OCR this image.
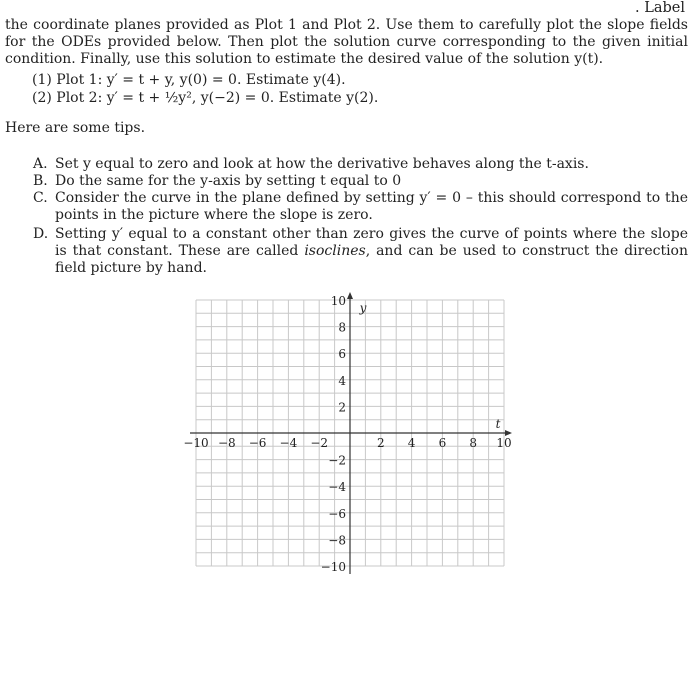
. Label
the coordinate planes provided as Plot 1 and Plot 2. Use them to carefully plot the slope fields for the ODEs provided below. Then plot the solution curve corresponding to the given initial condition. Finally, use this solution to estimate the desired value of the solution y(t).
(1) Plot 1: y′ = t + y, y(0) = 0. Estimate y(4).
(2) Plot 2: y′ = t + ½y², y(−2) = 0. Estimate y(2).
Here are some tips.
A. Set y equal to zero and look at how the derivative behaves along the t-axis.
B. Do the same for the y-axis by setting t equal to 0
C. Consider the curve in the plane defined by setting y′ = 0 – this should correspond to the points in the picture where the slope is zero.
D. Setting y′ equal to a constant other than zero gives the curve of points where the slope is that constant. These are called isoclines, and can be used to construct the direction field picture by hand.
−10 −8 −6 −4 −2	2 4 6 8 10
10
8
6
4
2
−2
−4
−6
−8
−10
t
y
